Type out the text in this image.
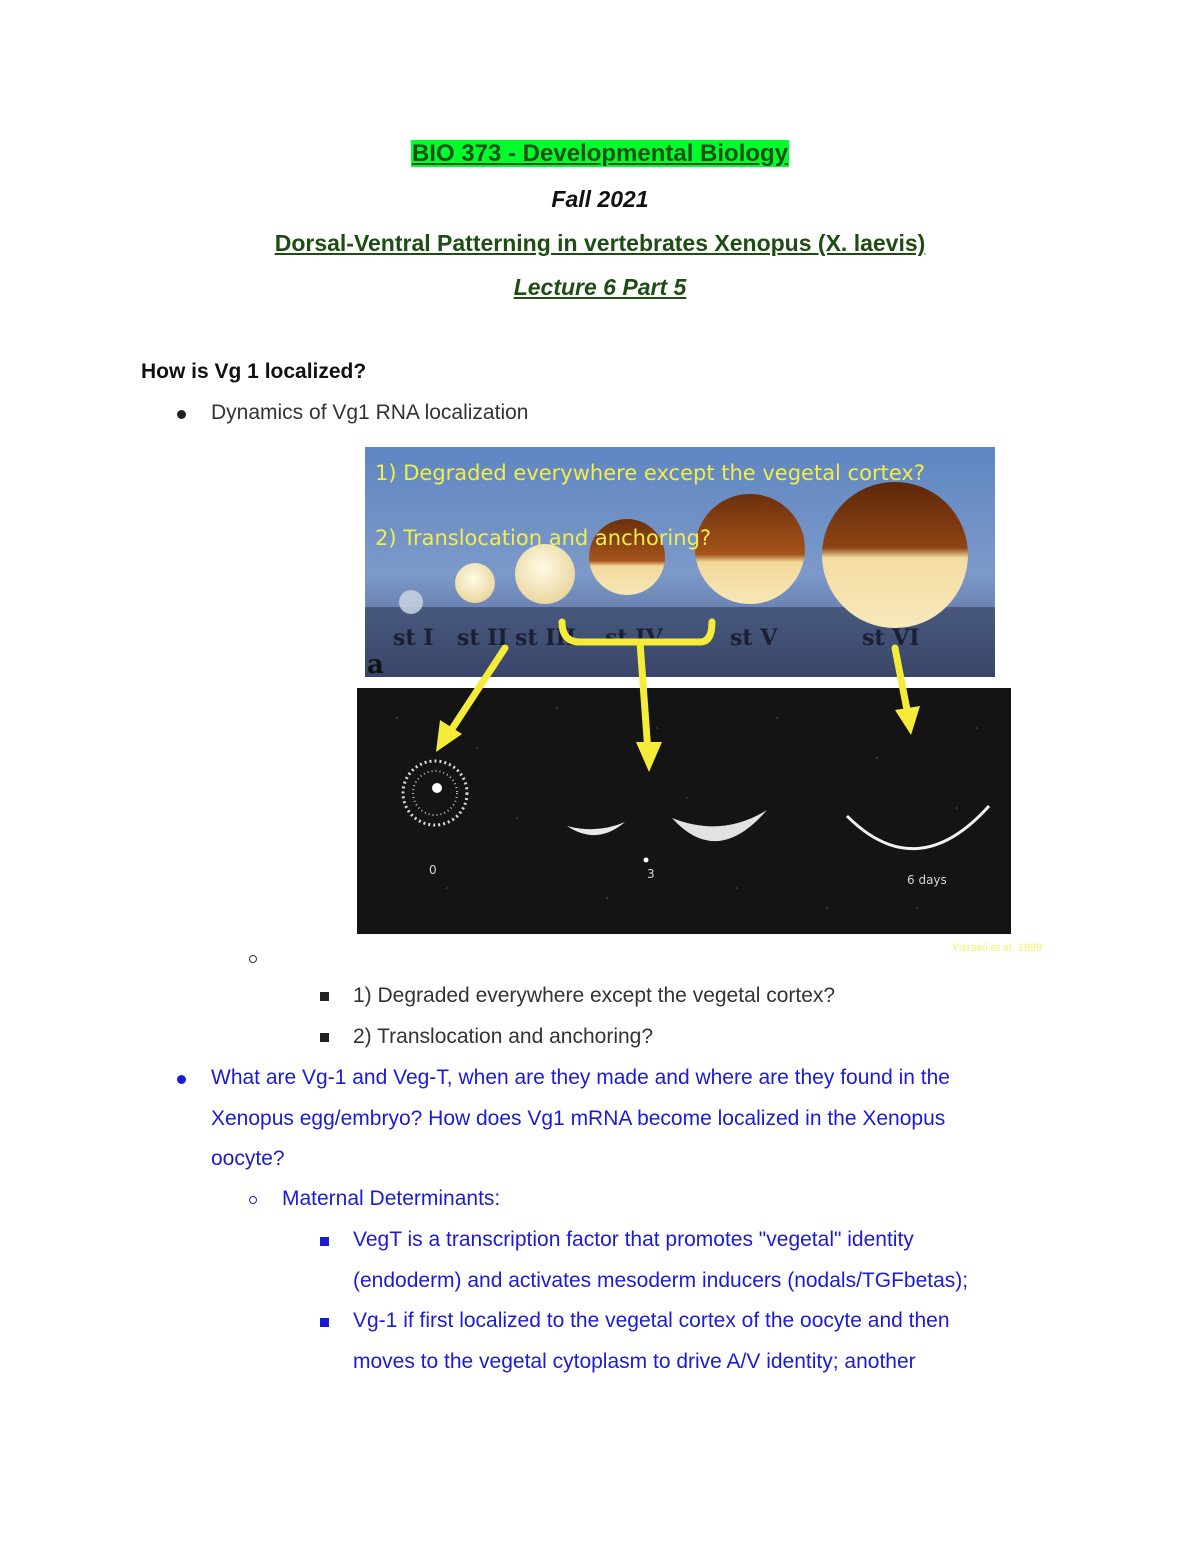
BIO 373 - Developmental Biology
Fall 2021
Dorsal-Ventral Patterning in vertebrates Xenopus (X. laevis)
Lecture 6 Part 5
How is Vg 1 localized?
Dynamics of Vg1 RNA localization
1) Degraded everywhere except the vegetal cortex?
2) Translocation and anchoring?
st I st II st III st IV	st V	st VI
a
0	3	6 days
Yisraeli et al. 1989
1) Degraded everywhere except the vegetal cortex?
2) Translocation and anchoring?
What are Vg-1 and Veg-T, when are they made and where are they found in the
Xenopus egg/embryo? How does Vg1 mRNA become localized in the Xenopus
oocyte?
Maternal Determinants:
VegT is a transcription factor that promotes "vegetal" identity
(endoderm) and activates mesoderm inducers (nodals/TGFbetas);
Vg-1 if first localized to the vegetal cortex of the oocyte and then
moves to the vegetal cytoplasm to drive A/V identity; another
